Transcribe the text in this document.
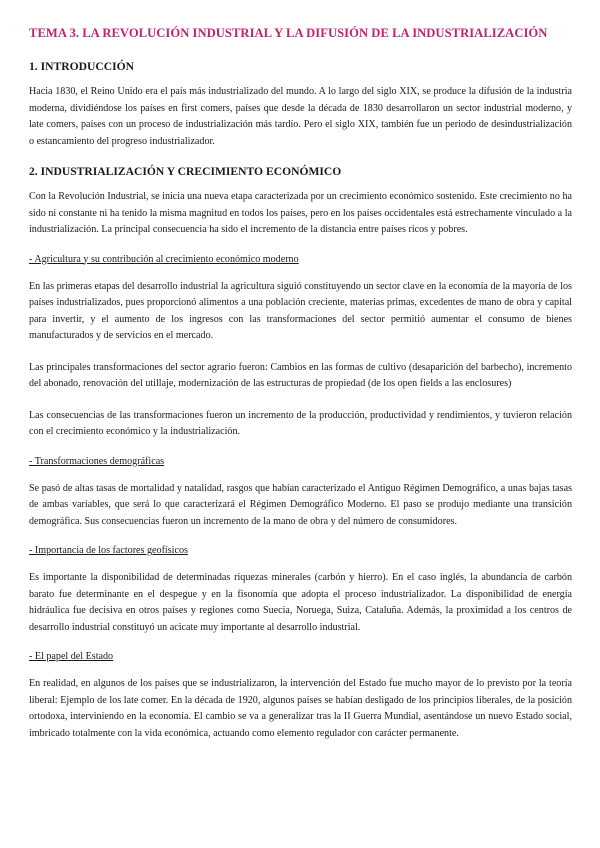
TEMA 3. LA REVOLUCIÓN INDUSTRIAL Y LA DIFUSIÓN DE LA INDUSTRIALIZACIÓN
1. INTRODUCCIÓN
Hacia 1830, el Reino Unido era el país más industrializado del mundo. A lo largo del siglo XIX, se produce la difusión de la industria moderna, dividiéndose los países en first comers, países que desde la década de 1830 desarrollaron un sector industrial moderno, y late comers, países con un proceso de industrialización más tardío. Pero el siglo XIX, también fue un periodo de desindustrialización o estancamiento del progreso industrializador.
2. INDUSTRIALIZACIÓN Y CRECIMIENTO ECONÓMICO
Con la Revolución Industrial, se inicia una nueva etapa caracterizada por un crecimiento económico sostenido. Este crecimiento no ha sido ni constante ni ha tenido la misma magnitud en todos los países, pero en los países occidentales está estrechamente vinculado a la industrialización. La principal consecuencia ha sido el incremento de la distancia entre países ricos y pobres.
- Agricultura y su contribución al crecimiento económico moderno
En las primeras etapas del desarrollo industrial la agricultura siguió constituyendo un sector clave en la economía de la mayoría de los países industrializados, pues proporcionó alimentos a una población creciente, materias primas, excedentes de mano de obra y capital para invertir, y el aumento de los ingresos con las transformaciones del sector permitió aumentar el consumo de bienes manufacturados y de servicios en el mercado.
Las principales transformaciones del sector agrario fueron: Cambios en las formas de cultivo (desaparición del barbecho), incremento del abonado, renovación del utillaje, modernización de las estructuras de propiedad (de los open fields a las enclosures)
Las consecuencias de las transformaciones fueron un incremento de la producción, productividad y rendimientos, y tuvieron relación con el crecimiento económico y la industrialización.
- Transformaciones demográficas
Se pasó de altas tasas de mortalidad y natalidad, rasgos que habían caracterizado el Antiguo Régimen Demográfico, a unas bajas tasas de ambas variables, que será lo que caracterizará el Régimen Demográfico Moderno. El paso se produjo mediante una transición demográfica. Sus consecuencias fueron un incremento de la mano de obra y del número de consumidores.
- Importancia de los factores geofísicos
Es importante la disponibilidad de determinadas riquezas minerales (carbón y hierro). En el caso inglés, la abundancia de carbón barato fue determinante en el despegue y en la fisonomía que adopta el proceso industrializador. La disponibilidad de energía hidráulica fue decisiva en otros países y regiones como Suecia, Noruega, Suiza, Cataluña. Además, la proximidad a los centros de desarrollo industrial constituyó un acicate muy importante al desarrollo industrial.
- El papel del Estado
En realidad, en algunos de los países que se industrializaron, la intervención del Estado fue mucho mayor de lo previsto por la teoría liberal: Ejemplo de los late comer. En la década de 1920, algunos países se habían desligado de los principios liberales, de la posición ortodoxa, interviniendo en la economía. El cambio se va a generalizar tras la II Guerra Mundial, asentándose un nuevo Estado social, imbricado totalmente con la vida económica, actuando como elemento regulador con carácter permanente.
